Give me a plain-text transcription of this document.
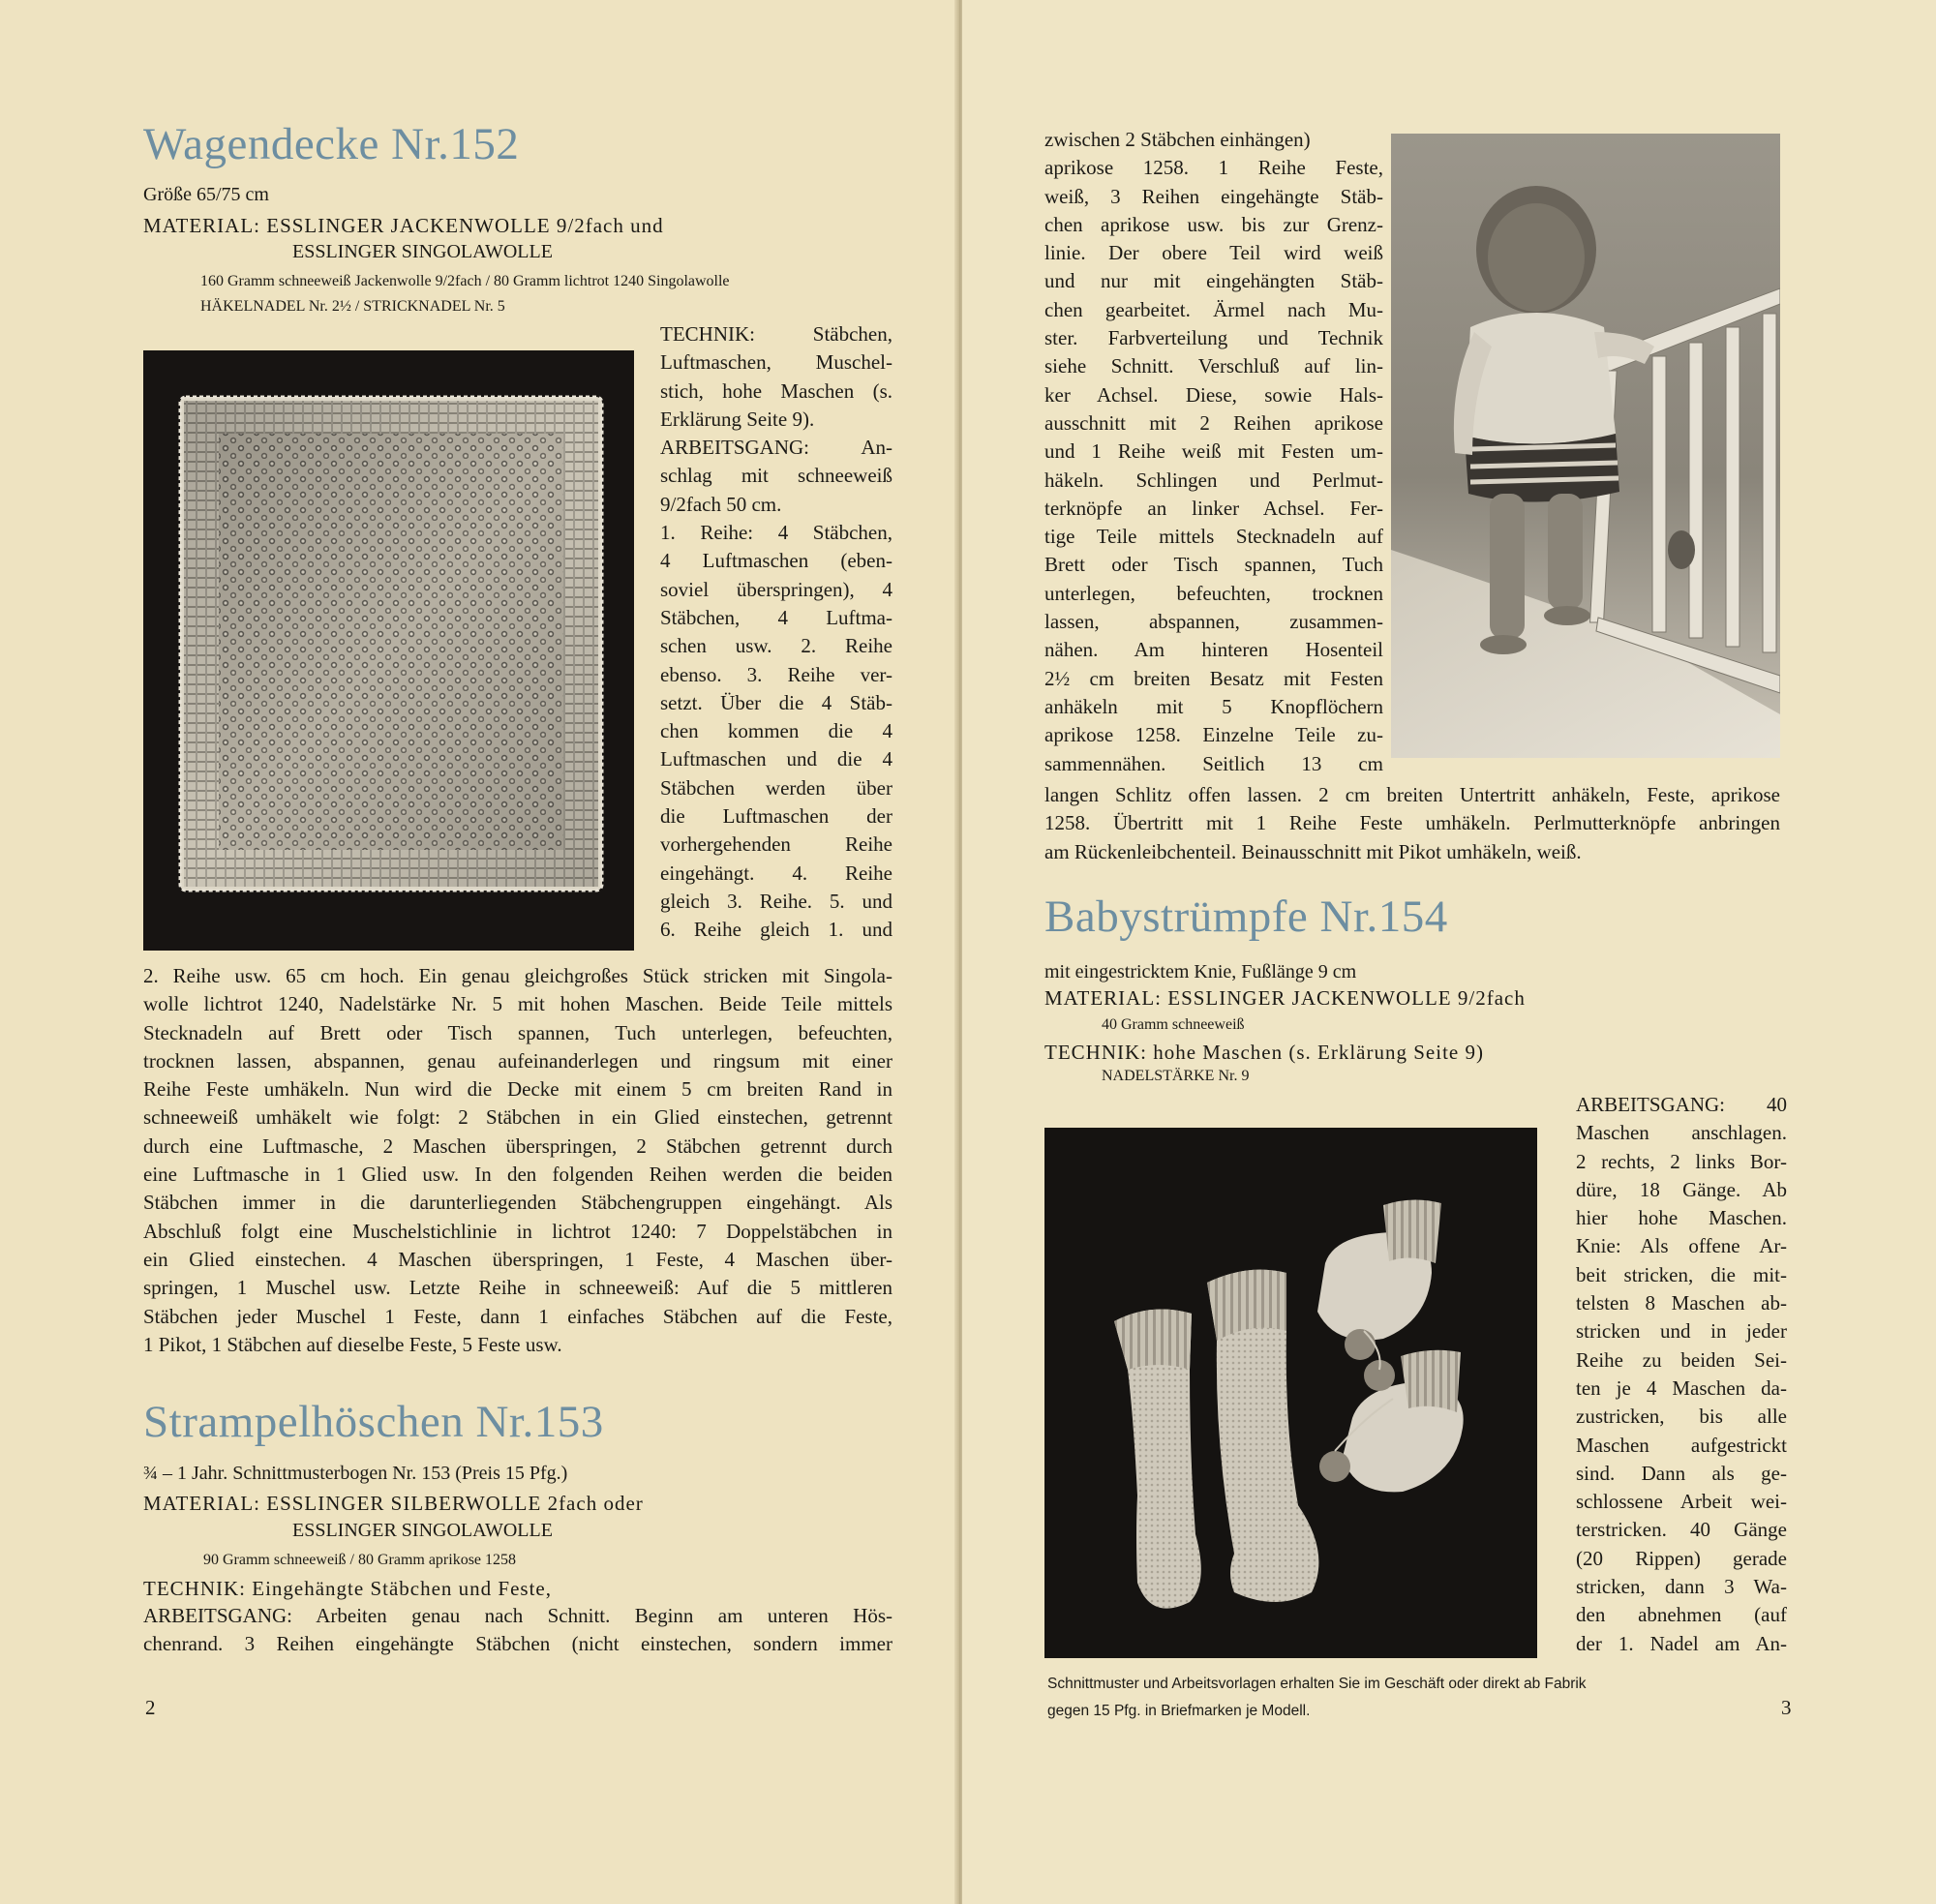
Wagendecke Nr.152
Größe 65/75 cm
MATERIAL: ESSLINGER JACKENWOLLE 9/2fach und
ESSLINGER SINGOLAWOLLE
160 Gramm schneeweiß Jackenwolle 9/2fach / 80 Gramm lichtrot 1240 Singolawolle
HÄKELNADEL Nr. 2½ / STRICKNADEL Nr. 5
TECHNIK: Stäbchen,
Luftmaschen, Muschel-
stich, hohe Maschen (s.
Erklärung Seite 9).
ARBEITSGANG: An-
schlag mit schneeweiß
9/2fach 50 cm.
1. Reihe: 4 Stäbchen,
4 Luftmaschen (eben-
soviel überspringen), 4
Stäbchen, 4 Luftma-
schen usw. 2. Reihe
ebenso. 3. Reihe ver-
setzt. Über die 4 Stäb-
chen kommen die 4
Luftmaschen und die 4
Stäbchen werden über
die Luftmaschen der
vorhergehenden Reihe
eingehängt. 4. Reihe
gleich 3. Reihe. 5. und
6. Reihe gleich 1. und
2. Reihe usw. 65 cm hoch. Ein genau gleichgroßes Stück stricken mit Singola-
wolle lichtrot 1240, Nadelstärke Nr. 5 mit hohen Maschen. Beide Teile mittels
Stecknadeln auf Brett oder Tisch spannen, Tuch unterlegen, befeuchten,
trocknen lassen, abspannen, genau aufeinanderlegen und ringsum mit einer
Reihe Feste umhäkeln. Nun wird die Decke mit einem 5 cm breiten Rand in
schneeweiß umhäkelt wie folgt: 2 Stäbchen in ein Glied einstechen, getrennt
durch eine Luftmasche, 2 Maschen überspringen, 2 Stäbchen getrennt durch
eine Luftmasche in 1 Glied usw. In den folgenden Reihen werden die beiden
Stäbchen immer in die darunterliegenden Stäbchengruppen eingehängt. Als
Abschluß folgt eine Muschelstichlinie in lichtrot 1240: 7 Doppelstäbchen in
ein Glied einstechen. 4 Maschen überspringen, 1 Feste, 4 Maschen über-
springen, 1 Muschel usw. Letzte Reihe in schneeweiß: Auf die 5 mittleren
Stäbchen jeder Muschel 1 Feste, dann 1 einfaches Stäbchen auf die Feste,
1 Pikot, 1 Stäbchen auf dieselbe Feste, 5 Feste usw.
Strampelhöschen Nr.153
¾ – 1 Jahr. Schnittmusterbogen Nr. 153 (Preis 15 Pfg.)
MATERIAL: ESSLINGER SILBERWOLLE 2fach oder
ESSLINGER SINGOLAWOLLE
90 Gramm schneeweiß / 80 Gramm aprikose 1258
TECHNIK: Eingehängte Stäbchen und Feste,
ARBEITSGANG: Arbeiten genau nach Schnitt. Beginn am unteren Hös-
chenrand. 3 Reihen eingehängte Stäbchen (nicht einstechen, sondern immer
2
zwischen 2 Stäbchen einhängen)
aprikose 1258. 1 Reihe Feste,
weiß, 3 Reihen eingehängte Stäb-
chen aprikose usw. bis zur Grenz-
linie. Der obere Teil wird weiß
und nur mit eingehängten Stäb-
chen gearbeitet. Ärmel nach Mu-
ster. Farbverteilung und Technik
siehe Schnitt. Verschluß auf lin-
ker Achsel. Diese, sowie Hals-
ausschnitt mit 2 Reihen aprikose
und 1 Reihe weiß mit Festen um-
häkeln. Schlingen und Perlmut-
terknöpfe an linker Achsel. Fer-
tige Teile mittels Stecknadeln auf
Brett oder Tisch spannen, Tuch
unterlegen, befeuchten, trocknen
lassen, abspannen, zusammen-
nähen. Am hinteren Hosenteil
2½ cm breiten Besatz mit Festen
anhäkeln mit 5 Knopflöchern
aprikose 1258. Einzelne Teile zu-
sammennähen. Seitlich 13 cm
langen Schlitz offen lassen. 2 cm breiten Untertritt anhäkeln, Feste, aprikose
1258. Übertritt mit 1 Reihe Feste umhäkeln. Perlmutterknöpfe anbringen
am Rückenleibchenteil. Beinausschnitt mit Pikot umhäkeln, weiß.
Babystrümpfe Nr.154
mit eingestricktem Knie, Fußlänge 9 cm
MATERIAL: ESSLINGER JACKENWOLLE 9/2fach
40 Gramm schneeweiß
TECHNIK: hohe Maschen (s. Erklärung Seite 9)
NADELSTÄRKE Nr. 9
ARBEITSGANG: 40
Maschen anschlagen.
2 rechts, 2 links Bor-
düre, 18 Gänge. Ab
hier hohe Maschen.
Knie: Als offene Ar-
beit stricken, die mit-
telsten 8 Maschen ab-
stricken und in jeder
Reihe zu beiden Sei-
ten je 4 Maschen da-
zustricken, bis alle
Maschen aufgestrickt
sind. Dann als ge-
schlossene Arbeit wei-
terstricken. 40 Gänge
(20 Rippen) gerade
stricken, dann 3 Wa-
den abnehmen (auf
der 1. Nadel am An-
Schnittmuster und Arbeitsvorlagen erhalten Sie im Geschäft oder direkt ab Fabrik
gegen 15 Pfg. in Briefmarken je Modell.	3
